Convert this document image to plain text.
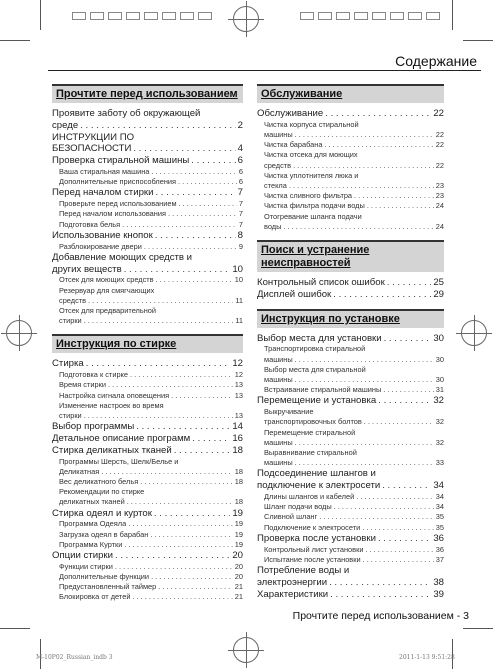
Содержание
Прочтите перед использованием
Проявите заботу об окружающей
среде . . .	2
ИНСТРУКЦИИ ПО
БЕЗОПАСНОСТИ . . .	4
Проверка стиральной машины . . .	6
Ваша стиральная машина . . .	6
Дополнительные приспособления . . .	6
Перед началом стирки . . .	7
Проверьте перед использованием . . .	7
Перед началом использования . . .	7
Подготовка белья . . .	7
Использование кнопок . . .	8
Разблокирование двери . . .	9
Добавление моющих средств и
других веществ . . .	10
Отсек для моющих средств . . .	10
Резервуар для смягчающих
средств . . .	11
Отсек для предварительной
стирки . . .	11
Инструкция по стирке
Стирка . . .	12
Подготовка к стирке . . .	12
Время стирки . . .	13
Настройка сигнала оповещения . . .	13
Изменение настроек во время
стирки . . .	13
Выбор программы . . .	14
Детальное описание программ . . .	16
Стирка деликатных тканей . . .	18
Программы Шерсть, Шелк/Белье и
Деликатная . . .	18
Вес деликатного белья . . .	18
Рекомендации по стирке
деликатных тканей . . .	18
Стирка одеял и курток . . .	19
Программа Одеяла . . .	19
Загрузка одеял в барабан . . .	19
Программа Куртки . . .	19
Опции стирки . . .	20
Функции стирки . . .	20
Дополнительные функции . . .	20
Предустановленный таймер . . .	21
Блокировка от детей . . .	21
Обслуживание
Обслуживание . . .	22
Чистка корпуса стиральной
машины . . .	22
Чистка барабана . . .	22
Чистка отсека для моющих
средств . . .	22
Чистка уплотнителя люка и
стекла . . .	23
Чистка сливного фильтра . . .	23
Чистка фильтра подачи воды . . .	24
Отогревание шланга подачи
воды . . .	24
Поиск и устранение неисправностей
Контрольный список ошибок . . .	25
Дисплей ошибок . . .	29
Инструкция по установке
Выбор места для установки . . .	30
Транспортировка стиральной
машины . . .	30
Выбор места для стиральной
машины . . .	30
Встраивание стиральной машины . . .	31
Перемещение и установка . . .	32
Выкручивание
транспортировочных болтов . . .	32
Перемещение стиральной
машины . . .	32
Выравнивание стиральной
машины . . .	33
Подсоединение шлангов и
подключение к электросети . . .	34
Длины шлангов и кабелей . . .	34
Шланг подачи воды . . .	34
Сливной шланг . . .	35
Подключение к электросети . . .	35
Проверка после установки . . .	36
Контрольный лист установки . . .	36
Испытание после установки . . .	37
Потребление воды и
электроэнергии . . .	38
Характеристики . . .	39
Прочтите перед использованием - 3
M-10P02_Russian_indb 3	2011-1-13 9:51:28
